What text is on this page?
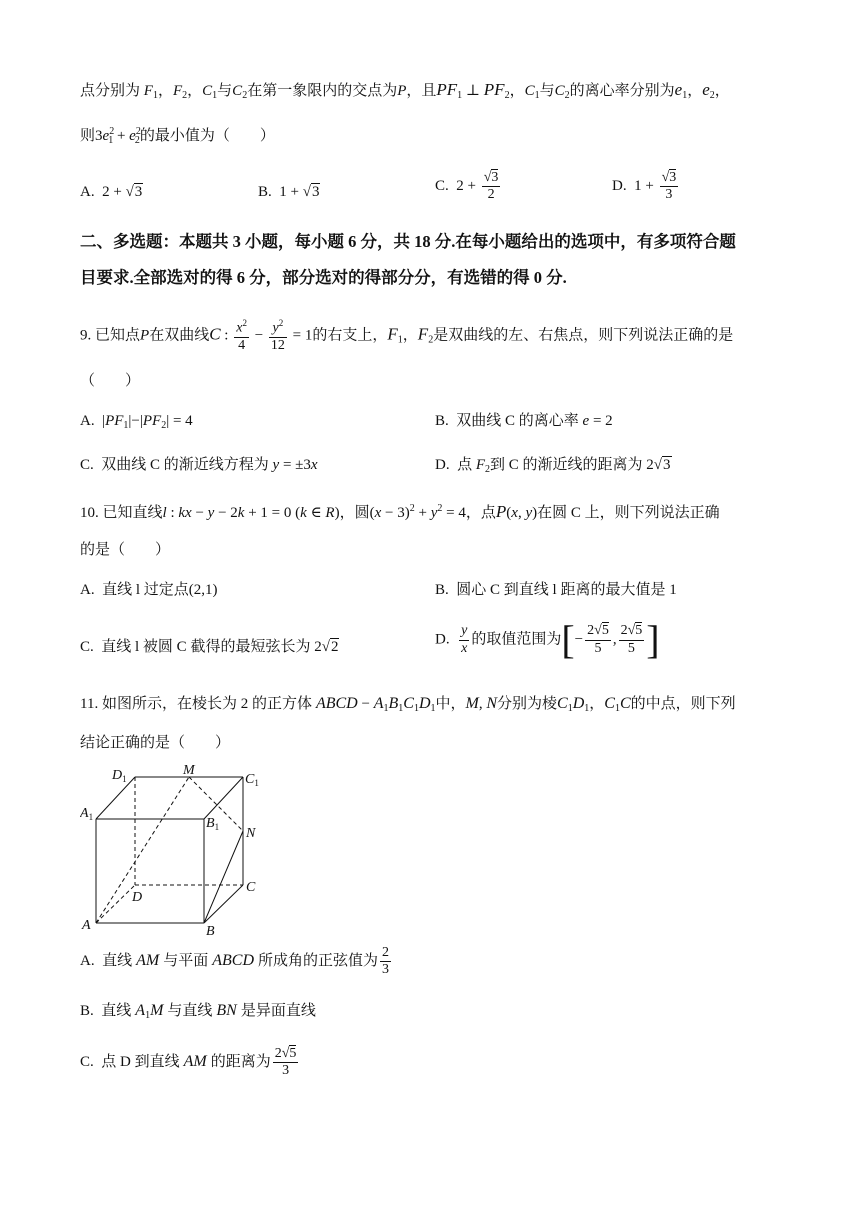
点分别为 $F_1$，$F_2$，$C_1$与$C_2$在第一象限内的交点为P，且$PF_1$ ⊥ $PF_2$，$C_1$与$C_2$的离心率分别为$e_1$，$e_2$，
则$3e^2_1 + e^2_2$的最小值为（　　）
A.  2 + √3	B.  1 + √3	C.  $2 + \frac{√3}{2}$	D.  $1 + \frac{√3}{3}$
二、多选题：本题共 3 小题，每小题 6 分，共 18 分.在每小题给出的选项中，有多项符合题
目要求.全部选对的得 6 分，部分选对的得部分分，有选错的得 0 分.
9. 已知点P在双曲线C : $\frac{x^2}{4} - \frac{y^2}{12} = 1$的右支上，$F_1$，$F_2$是双曲线的左、右焦点，则下列说法正确的是
（　　）
A.  $|PF_1|-|PF_2| = 4$	B.  双曲线 C 的离心率 e = 2
C.  双曲线 C 的渐近线方程为 y = ±3x	D.  点 $F_2$到 C 的渐近线的距离为 2√3
10. 已知直线l : kx − y − 2k + 1 = 0 (k ∈ R)，圆$(x - 3)^2 + y^2 = 4$，点P(x, y)在圆 C 上，则下列说法正确
的是（　　）
A.  直线 l 过定点(2,1)	B.  圆心 C 到直线 l 距离的最大值是 1
C.  直线 l 被圆 C 截得的最短弦长为 2√2	D. $\frac{y}{x}$ 的取值范围为[− $\frac{2√5}{5}$ , $\frac{2√5}{5}$ ]
11. 如图所示，在棱长为 2 的正方体 ABCD − $A_1B_1C_1D_1$中，M, N分别为棱$C_1D_1$，$C_1C$的中点，则下列
结论正确的是（　　）
$D_1$
M
$C_1$
$A_1$	$B_1$ N
D
C
A	B
A.  直线 AM 与平面 ABCD 所成角的正弦值为 $\frac{2}{3}$
B.  直线 $A_1M$ 与直线 BN 是异面直线
C.  点 D 到直线 AM 的距离为 $\frac{2√5}{3}$
